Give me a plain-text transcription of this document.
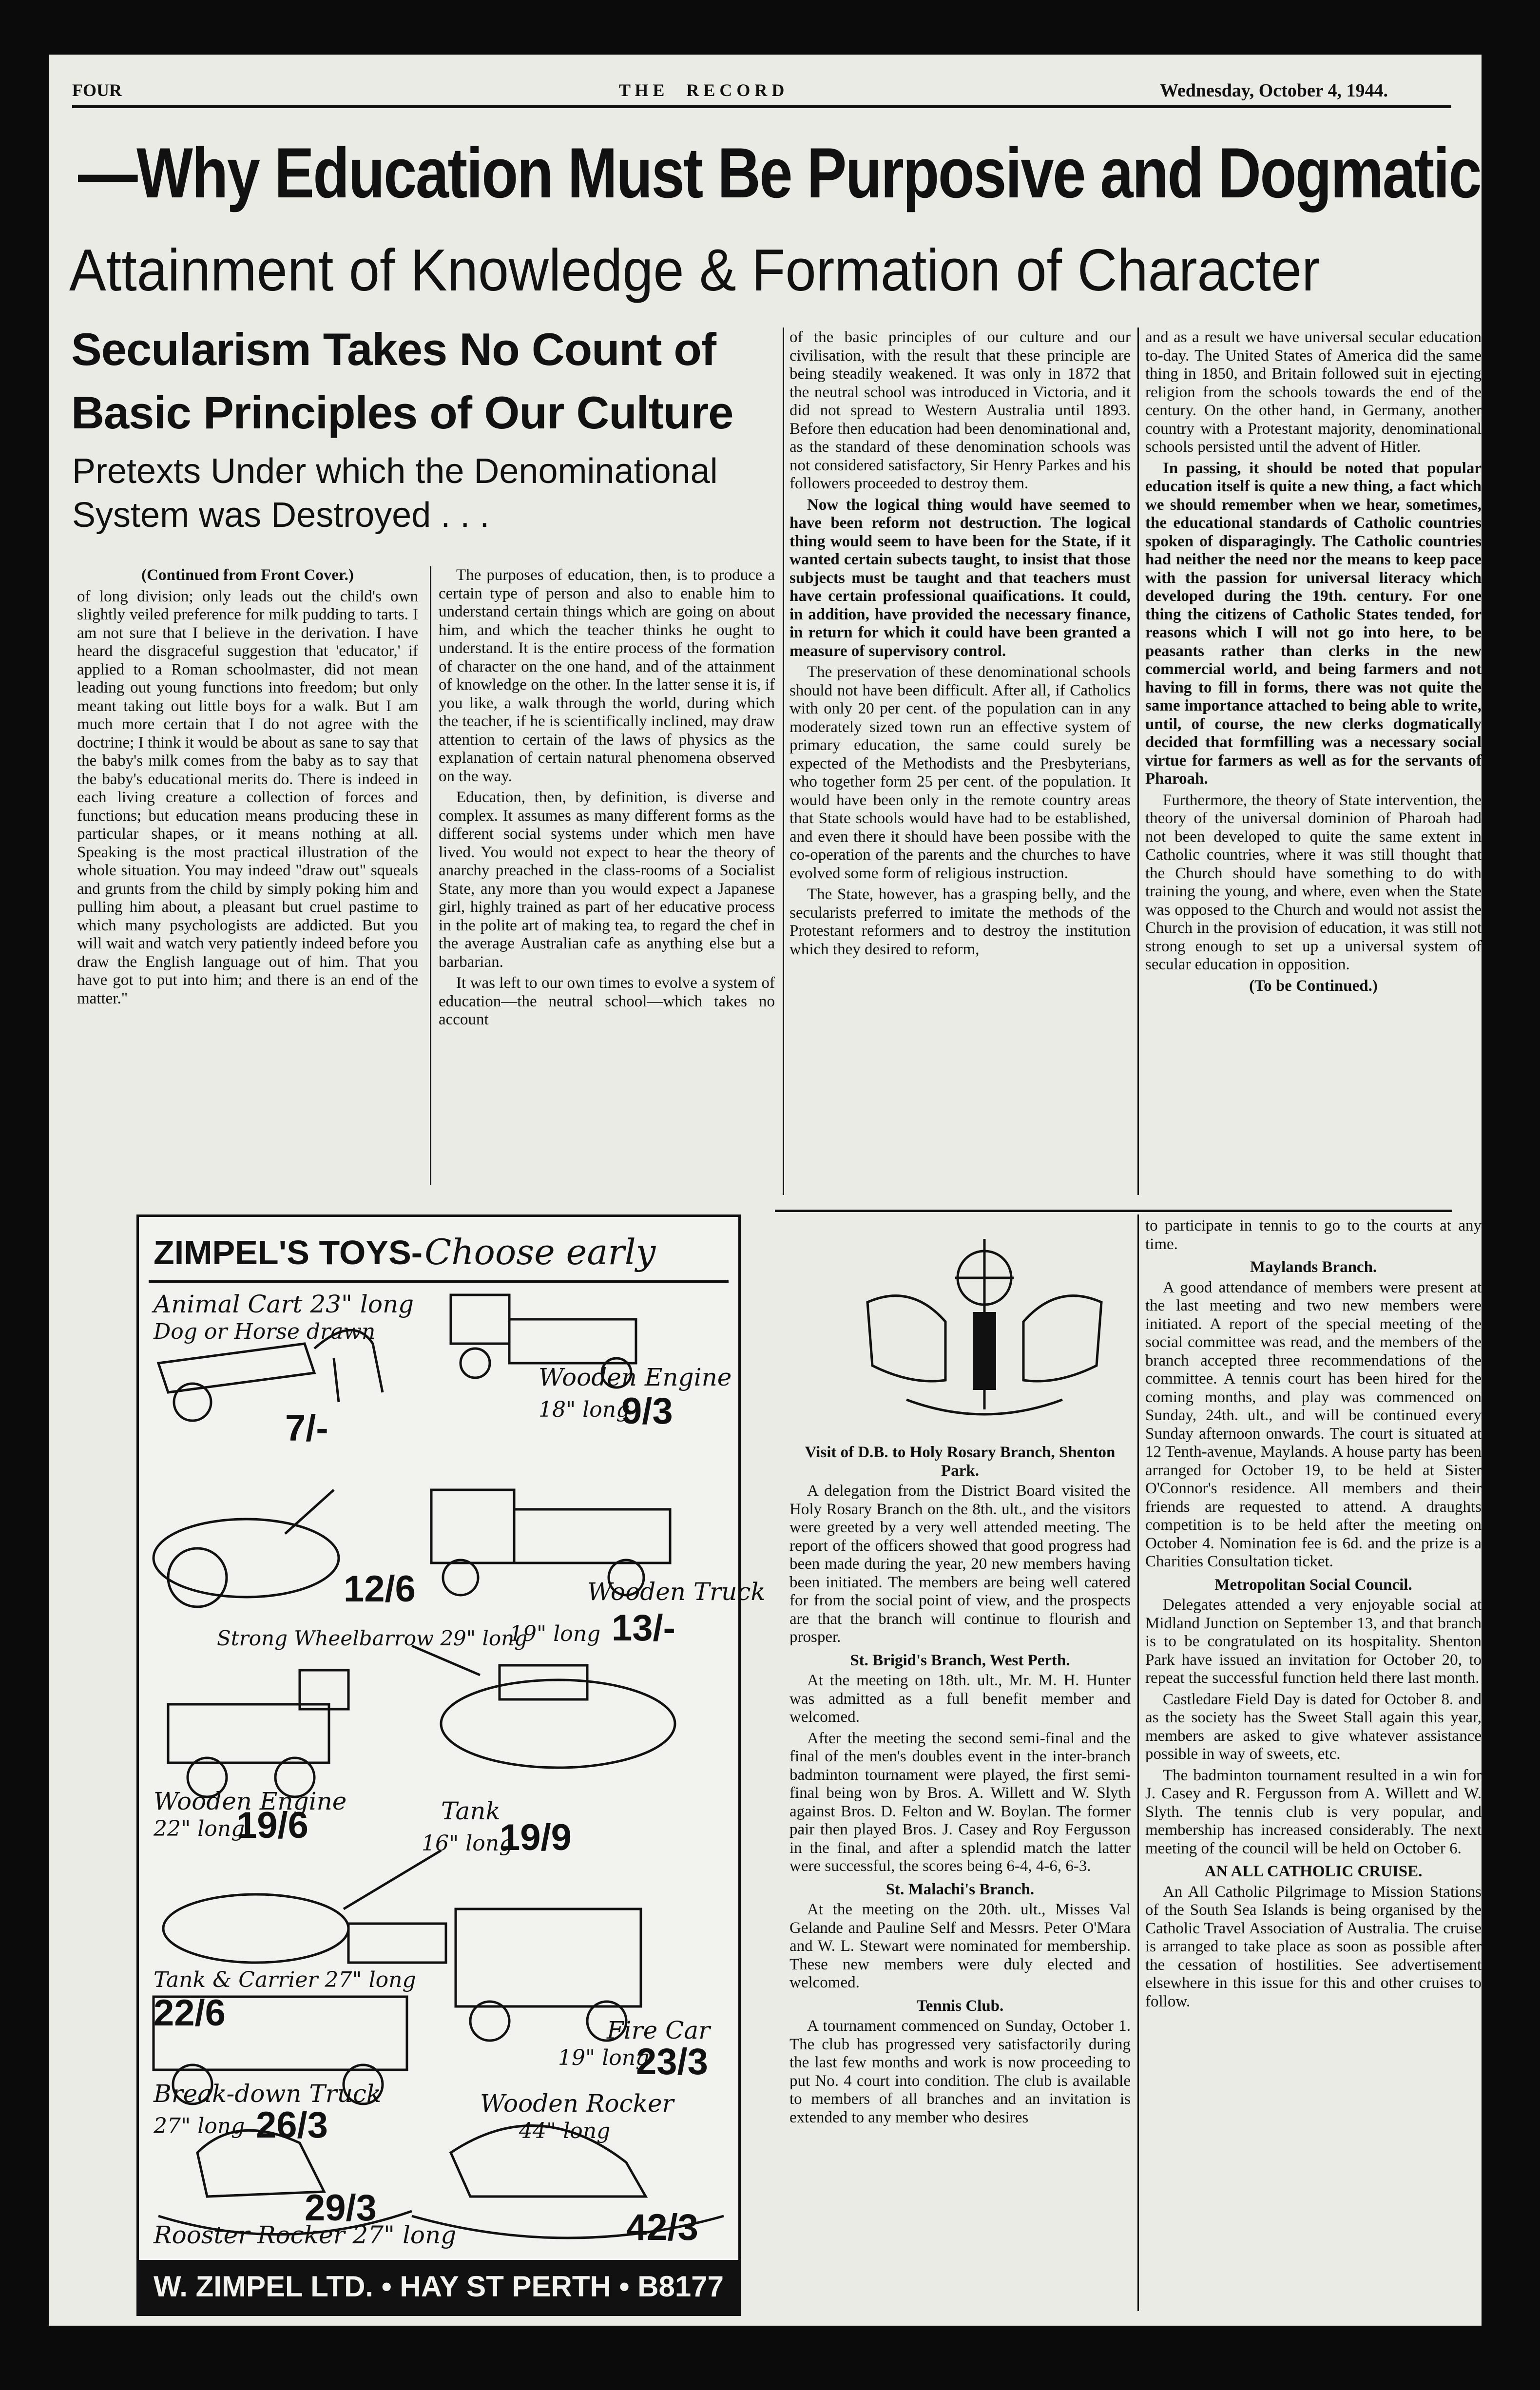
FOUR	T H E     R E C O R D	Wednesday, October 4, 1944.
—Why Education Must Be Purposive and Dogmatic
Attainment of Knowledge & Formation of Character
Secularism Takes No Count of Basic Principles of Our Culture
Pretexts Under which the Denominational System was Destroyed . . .

(Continued from Front Cover.)

of long division; only leads out the child's own slightly veiled preference for milk pudding to tarts. I am not sure that I believe in the derivation. I have heard the disgraceful suggestion that 'educator,' if applied to a Roman schoolmaster, did not mean leading out young functions into freedom; but only meant taking out little boys for a walk. But I am much more certain that I do not agree with the doctrine; I think it would be about as sane to say that the baby's milk comes from the baby as to say that the baby's educational merits do. There is indeed in each living creature a collection of forces and functions; but education means producing these in particular shapes, or it means nothing at all. Speaking is the most practical illustration of the whole situation. You may indeed "draw out" squeals and grunts from the child by simply poking him and pulling him about, a pleasant but cruel pastime to which many psychologists are addicted. But you will wait and watch very patiently indeed before you draw the English language out of him. That you have got to put into him; and there is an end of the matter."

The purposes of education, then, is to produce a certain type of person and also to enable him to understand certain things which are going on about him, and which the teacher thinks he ought to understand. It is the entire process of the formation of character on the one hand, and of the attainment of knowledge on the other. In the latter sense it is, if you like, a walk through the world, during which the teacher, if he is scientifically inclined, may draw attention to certain of the laws of physics as the explanation of certain natural phenomena observed on the way.

Education, then, by definition, is diverse and complex. It assumes as many different forms as the different social systems under which men have lived. You would not expect to hear the theory of anarchy preached in the class-rooms of a Socialist State, any more than you would expect a Japanese girl, highly trained as part of her educative process in the polite art of making tea, to regard the chef in the average Australian cafe as anything else but a barbarian.

It was left to our own times to evolve a system of education—the neutral school—which takes no account

of the basic principles of our culture and our civilisation, with the result that these principle are being steadily weakened. It was only in 1872 that the neutral school was introduced in Victoria, and it did not spread to Western Australia until 1893. Before then education had been denominational and, as the standard of these denomination schools was not considered satisfactory, Sir Henry Parkes and his followers proceeded to destroy them.

Now the logical thing would have seemed to have been reform not destruction. The logical thing would seem to have been for the State, if it wanted certain subects taught, to insist that those subjects must be taught and that teachers must have certain professional quaifications. It could, in addition, have provided the necessary finance, in return for which it could have been granted a measure of supervisory control.

The preservation of these denominational schools should not have been difficult. After all, if Catholics with only 20 per cent. of the population can in any moderately sized town run an effective system of primary education, the same could surely be expected of the Methodists and the Presbyterians, who together form 25 per cent. of the population. It would have been only in the remote country areas that State schools would have had to be established, and even there it should have been possibe with the co-operation of the parents and the churches to have evolved some form of religious instruction.

The State, however, has a grasping belly, and the secularists preferred to imitate the methods of the Protestant reformers and to destroy the institution which they desired to reform,

and as a result we have universal secular education to-day. The United States of America did the same thing in 1850, and Britain followed suit in ejecting religion from the schools towards the end of the century. On the other hand, in Germany, another country with a Protestant majority, denominational schools persisted until the advent of Hitler.

In passing, it should be noted that popular education itself is quite a new thing, a fact which we should remember when we hear, sometimes, the educational standards of Catholic countries spoken of disparagingly. The Catholic countries had neither the need nor the means to keep pace with the passion for universal literacy which developed during the 19th. century. For one thing the citizens of Catholic States tended, for reasons which I will not go into here, to be peasants rather than clerks in the new commercial world, and being farmers and not having to fill in forms, there was not quite the same importance attached to being able to write, until, of course, the new clerks dogmatically decided that formfilling was a necessary social virtue for farmers as well as for the servants of Pharoah.

Furthermore, the theory of State intervention, the theory of the universal dominion of Pharoah had not been developed to quite the same extent in Catholic countries, where it was still thought that the Church should have something to do with training the young, and where, even when the State was opposed to the Church and would not assist the Church in the provision of education, it was still not strong enough to set up a universal system of secular education in opposition.

(To be Continued.)

ZIMPEL'S TOYS- Choose early
Animal Cart 23" long
Dog or Horse drawn
7/-
Wooden Engine
18" long
9/3
Strong Wheelbarrow 29" long
12/6	Wooden Truck
19" long 13/-
Wooden Engine
22" long
19/6	Tank
16" long
19/9
Tank & Carrier 27" long
22/6	Fire Car
19" long
23/3
Break-down Truck
27" long 26/3
Wooden Rocker
44" long
42/3
29/3
Rooster Rocker 27" long
W. ZIMPEL LTD. • HAY ST PERTH • B8177
Visit of D.B. to Holy Rosary Branch, Shenton Park.

A delegation from the District Board visited the Holy Rosary Branch on the 8th. ult., and the visitors were greeted by a very well attended meeting. The report of the officers showed that good progress had been made during the year, 20 new members having been initiated. The members are being well catered for from the social point of view, and the prospects are that the branch will continue to flourish and prosper.

St. Brigid's Branch, West Perth.

At the meeting on 18th. ult., Mr. M. H. Hunter was admitted as a full benefit member and welcomed.

After the meeting the second semi-final and the final of the men's doubles event in the inter-branch badminton tournament were played, the first semi-final being won by Bros. A. Willett and W. Slyth against Bros. D. Felton and W. Boylan. The former pair then played Bros. J. Casey and Roy Fergusson in the final, and after a splendid match the latter were successful, the scores being 6-4, 4-6, 6-3.

St. Malachi's Branch.

At the meeting on the 20th. ult., Misses Val Gelande and Pauline Self and Messrs. Peter O'Mara and W. L. Stewart were nominated for membership. These new members were duly elected and welcomed.

Tennis Club.

A tournament commenced on Sunday, October 1. The club has progressed very satisfactorily during the last few months and work is now proceeding to put No. 4 court into condition. The club is available to members of all branches and an invitation is extended to any member who desires

to participate in tennis to go to the courts at any time.

Maylands Branch.

A good attendance of members were present at the last meeting and two new members were initiated. A report of the special meeting of the social committee was read, and the members of the branch accepted three recommendations of the committee. A tennis court has been hired for the coming months, and play was commenced on Sunday, 24th. ult., and will be continued every Sunday afternoon onwards. The court is situated at 12 Tenth-avenue, Maylands. A house party has been arranged for October 19, to be held at Sister O'Connor's residence. All members and their friends are requested to attend. A draughts competition is to be held after the meeting on October 4. Nomination fee is 6d. and the prize is a Charities Consultation ticket.

Metropolitan Social Council.

Delegates attended a very enjoyable social at Midland Junction on September 13, and that branch is to be congratulated on its hospitality. Shenton Park have issued an invitation for October 20, to repeat the successful function held there last month.

Castledare Field Day is dated for October 8. and as the society has the Sweet Stall again this year, members are asked to give whatever assistance possible in way of sweets, etc.

The badminton tournament resulted in a win for J. Casey and R. Fergusson from A. Willett and W. Slyth. The tennis club is very popular, and membership has increased considerably. The next meeting of the council will be held on October 6.

AN ALL CATHOLIC CRUISE.

An All Catholic Pilgrimage to Mission Stations of the South Sea Islands is being organised by the Catholic Travel Association of Australia. The cruise is arranged to take place as soon as possible after the cessation of hostilities. See advertisement elsewhere in this issue for this and other cruises to follow.
